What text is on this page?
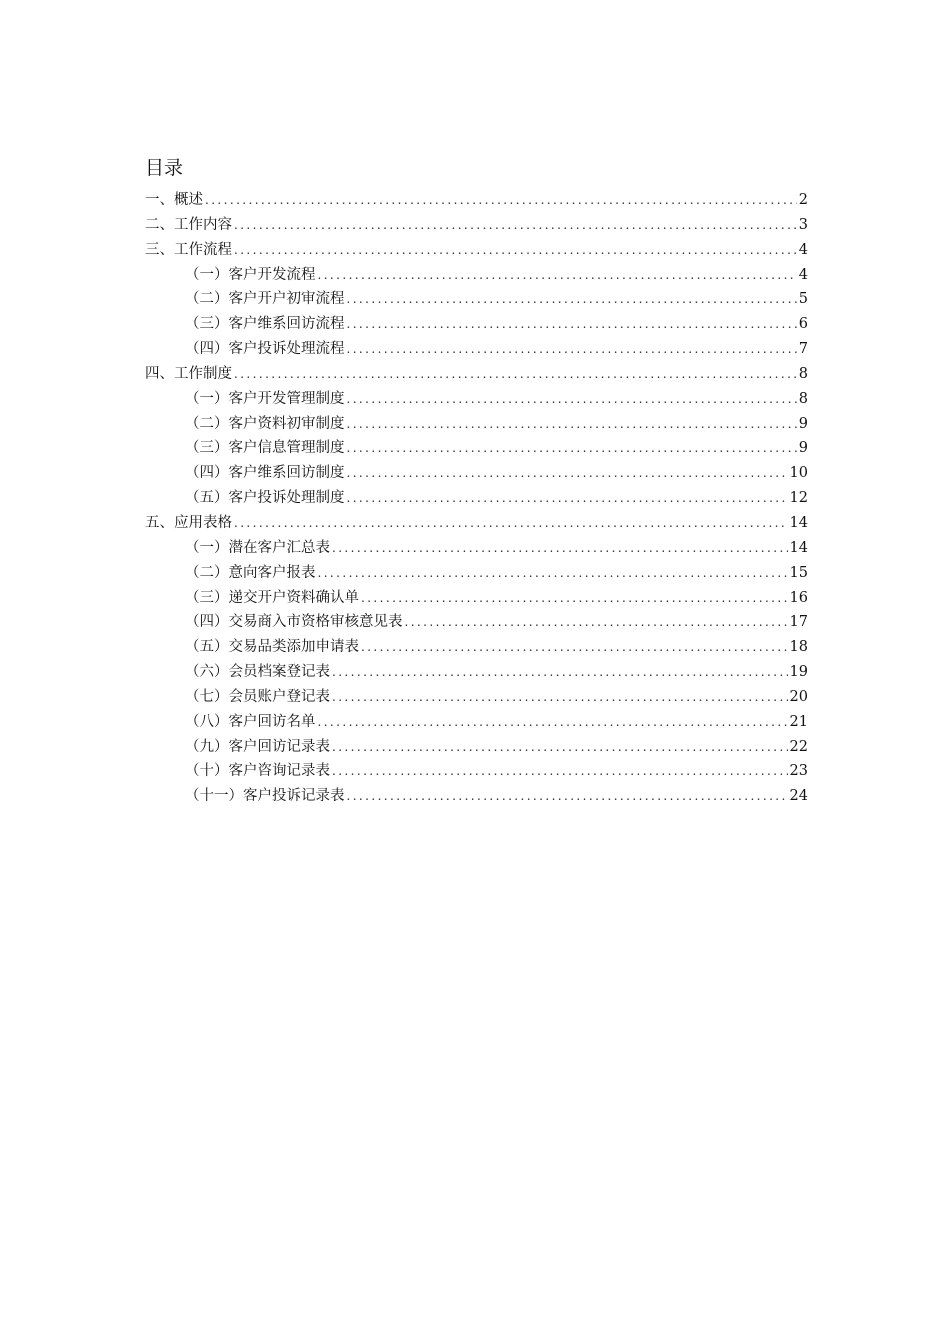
目录
一、概述 .....	2
二、工作内容 .....	3
三、工作流程 .....	4
（一）客户开发流程 .....	4
（二）客户开户初审流程 .....	5
（三）客户维系回访流程 .....	6
（四）客户投诉处理流程 .....	7
四、工作制度 .....	8
（一）客户开发管理制度 .....	8
（二）客户资料初审制度 .....	9
（三）客户信息管理制度 .....	9
（四）客户维系回访制度 .....	10
（五）客户投诉处理制度 .....	12
五、应用表格 .....	14
（一）潜在客户汇总表 .....	14
（二）意向客户报表 .....	15
（三）递交开户资料确认单 .....	16
（四）交易商入市资格审核意见表 .....	17
（五）交易品类添加申请表 .....	18
（六）会员档案登记表 .....	19
（七）会员账户登记表 .....	20
（八）客户回访名单 .....	21
（九）客户回访记录表 .....	22
（十）客户咨询记录表 .....	23
（十一）客户投诉记录表 .....	24
